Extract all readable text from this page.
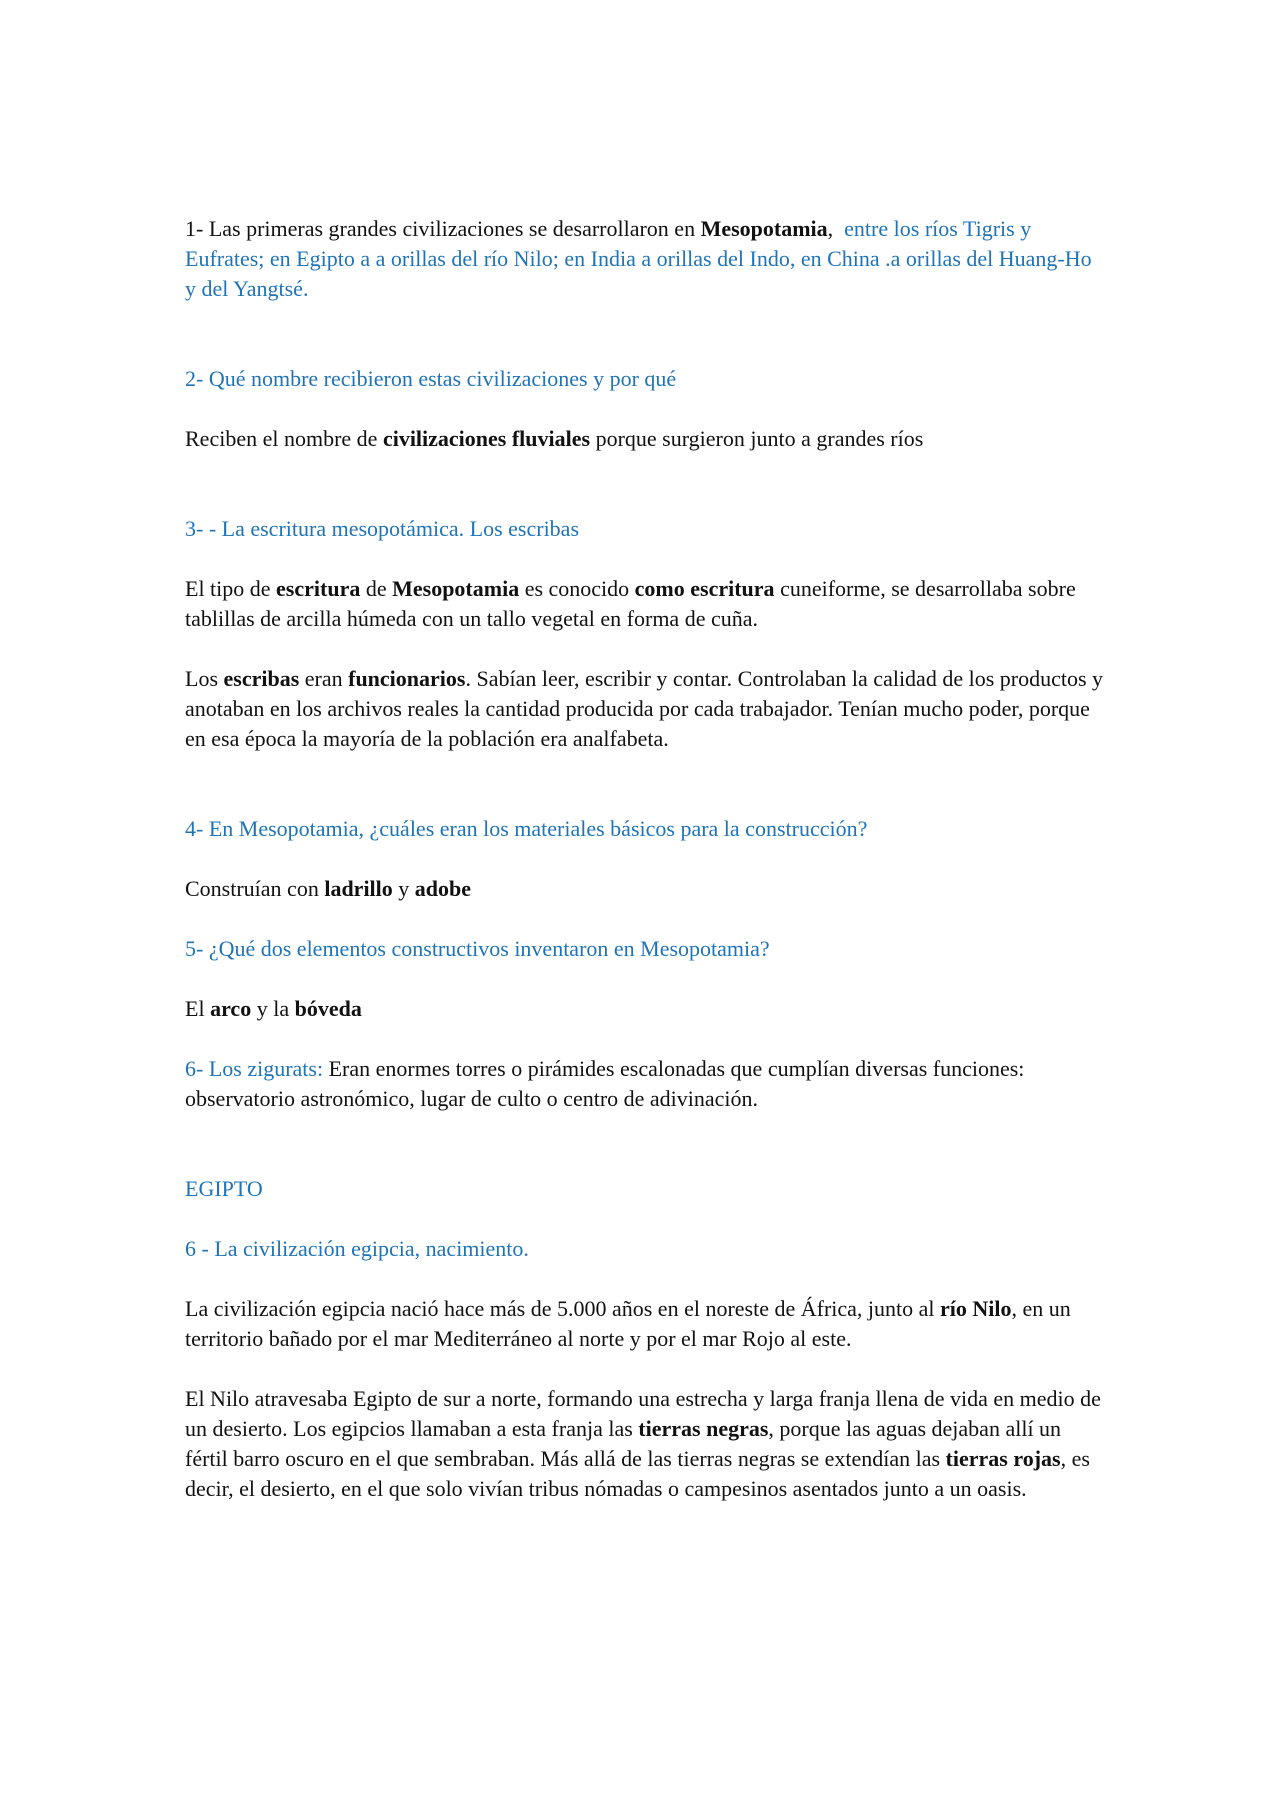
1- Las primeras grandes civilizaciones se desarrollaron en Mesopotamia, entre los ríos Tigris y Eufrates; en Egipto a a orillas del río Nilo; en India a orillas del Indo, en China .a orillas del Huang-Ho y del Yangtsé.

2- Qué nombre recibieron estas civilizaciones y por qué

Reciben el nombre de civilizaciones fluviales porque surgieron junto a grandes ríos

3- - La escritura mesopotámica. Los escribas

El tipo de escritura de Mesopotamia es conocido como escritura cuneiforme, se desarrollaba sobre tablillas de arcilla húmeda con un tallo vegetal en forma de cuña.

Los escribas eran funcionarios. Sabían leer, escribir y contar. Controlaban la calidad de los productos y anotaban en los archivos reales la cantidad producida por cada trabajador. Tenían mucho poder, porque en esa época la mayoría de la población era analfabeta.

4- En Mesopotamia, ¿cuáles eran los materiales básicos para la construcción?

Construían con ladrillo y adobe

5- ¿Qué dos elementos constructivos inventaron en Mesopotamia?

El arco y la bóveda

6- Los zigurats: Eran enormes torres o pirámides escalonadas que cumplían diversas funciones: observatorio astronómico, lugar de culto o centro de adivinación.

EGIPTO

6 - La civilización egipcia, nacimiento.

La civilización egipcia nació hace más de 5.000 años en el noreste de África, junto al río Nilo, en un territorio bañado por el mar Mediterráneo al norte y por el mar Rojo al este.

El Nilo atravesaba Egipto de sur a norte, formando una estrecha y larga franja llena de vida en medio de un desierto. Los egipcios llamaban a esta franja las tierras negras, porque las aguas dejaban allí un fértil barro oscuro en el que sembraban. Más allá de las tierras negras se extendían las tierras rojas, es decir, el desierto, en el que solo vivían tribus nómadas o campesinos asentados junto a un oasis.
